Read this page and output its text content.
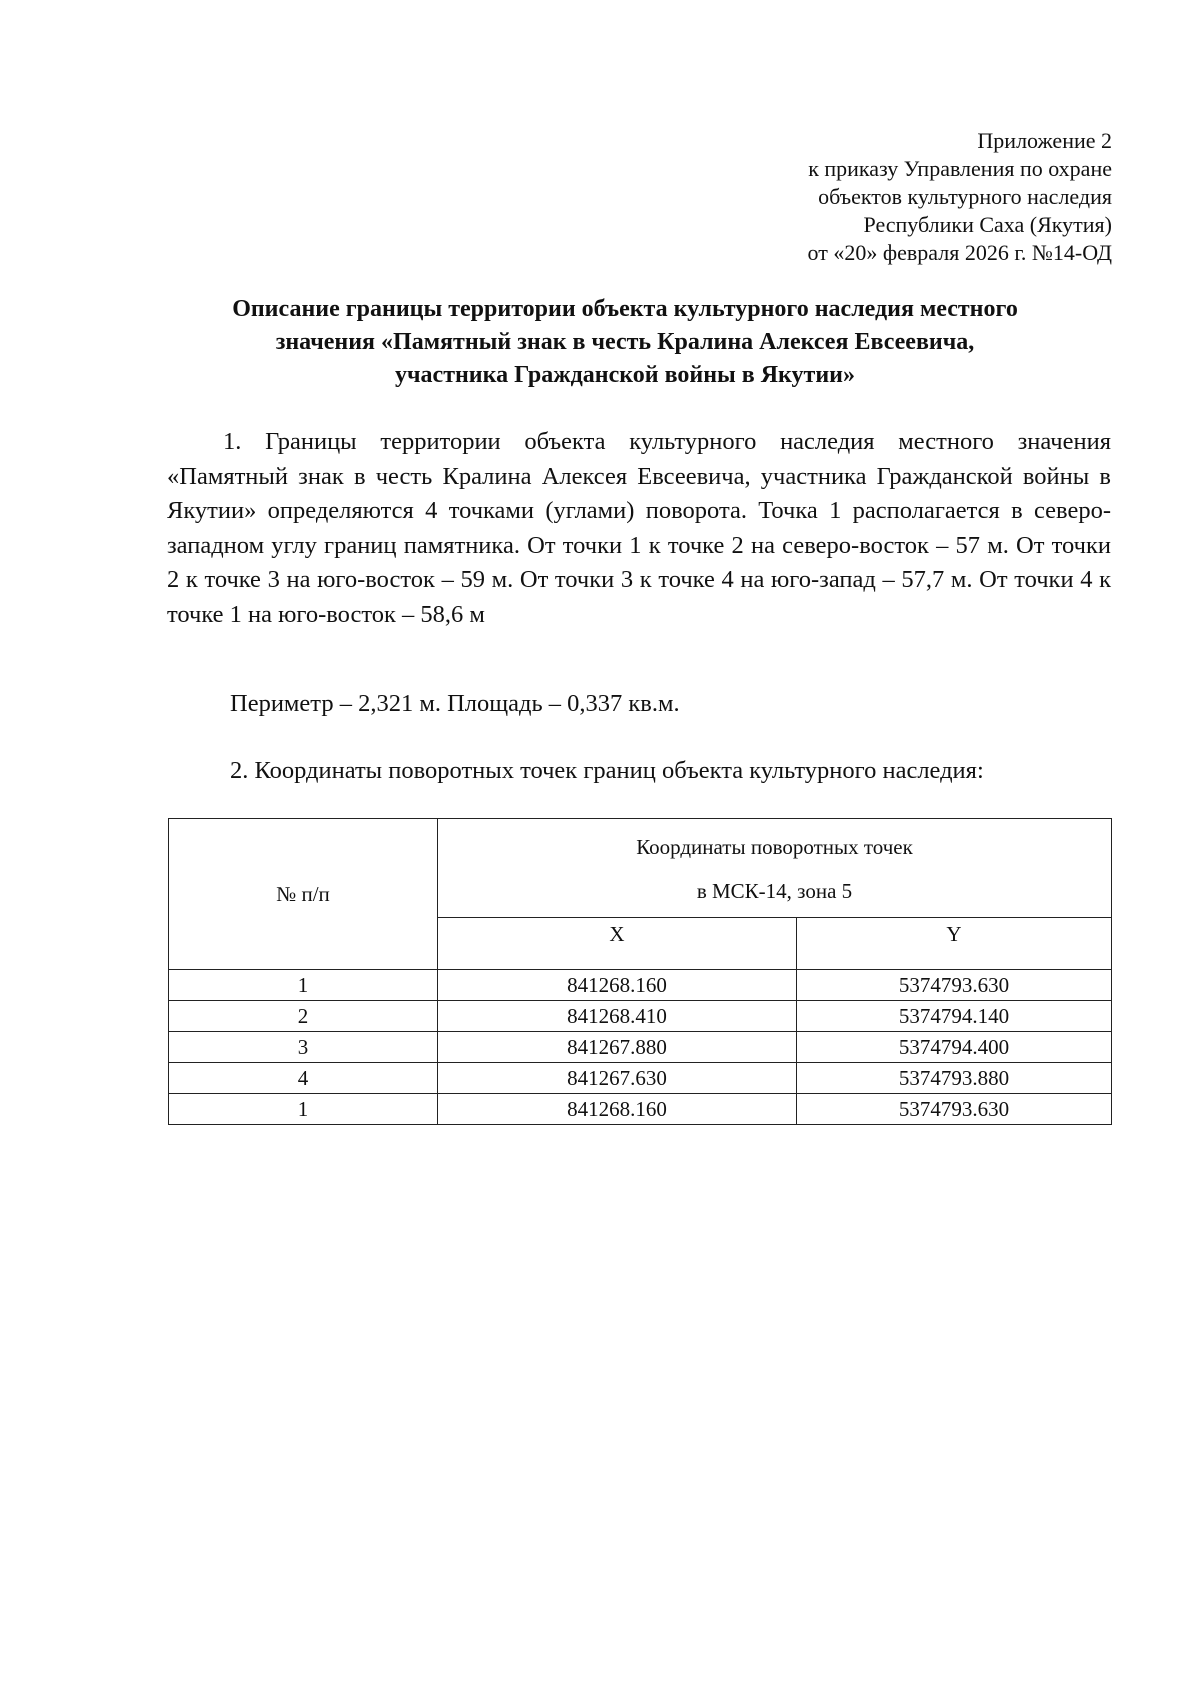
Приложение 2
к приказу Управления по охране
объектов культурного наследия
Республики Саха (Якутия)
от «20» февраля 2026 г. №14-ОД
Описание границы территории объекта культурного наследия местного
значения «Памятный знак в честь Кралина Алексея Евсеевича,
участника Гражданской войны в Якутии»
1. Границы территории объекта культурного наследия местного значения «Памятный знак в честь Кралина Алексея Евсеевича, участника Гражданской войны в Якутии» определяются 4 точками (углами) поворота. Точка 1 располагается в северо-западном углу границ памятника. От точки 1 к точке 2 на северо-восток – 57 м. От точки 2 к точке 3 на юго-восток – 59 м. От точки 3 к точке 4 на юго-запад – 57,7 м. От точки 4 к точке 1 на юго-восток – 58,6 м
Периметр – 2,321 м. Площадь – 0,337 кв.м.
2. Координаты поворотных точек границ объекта культурного наследия:
№ п/п	Координаты поворотных точек
в МСК-14, зона 5	

	X	Y
1	841268.160	5374793.630
2	841268.410	5374794.140
3	841267.880	5374794.400
4	841267.630	5374793.880
1	841268.160	5374793.630
